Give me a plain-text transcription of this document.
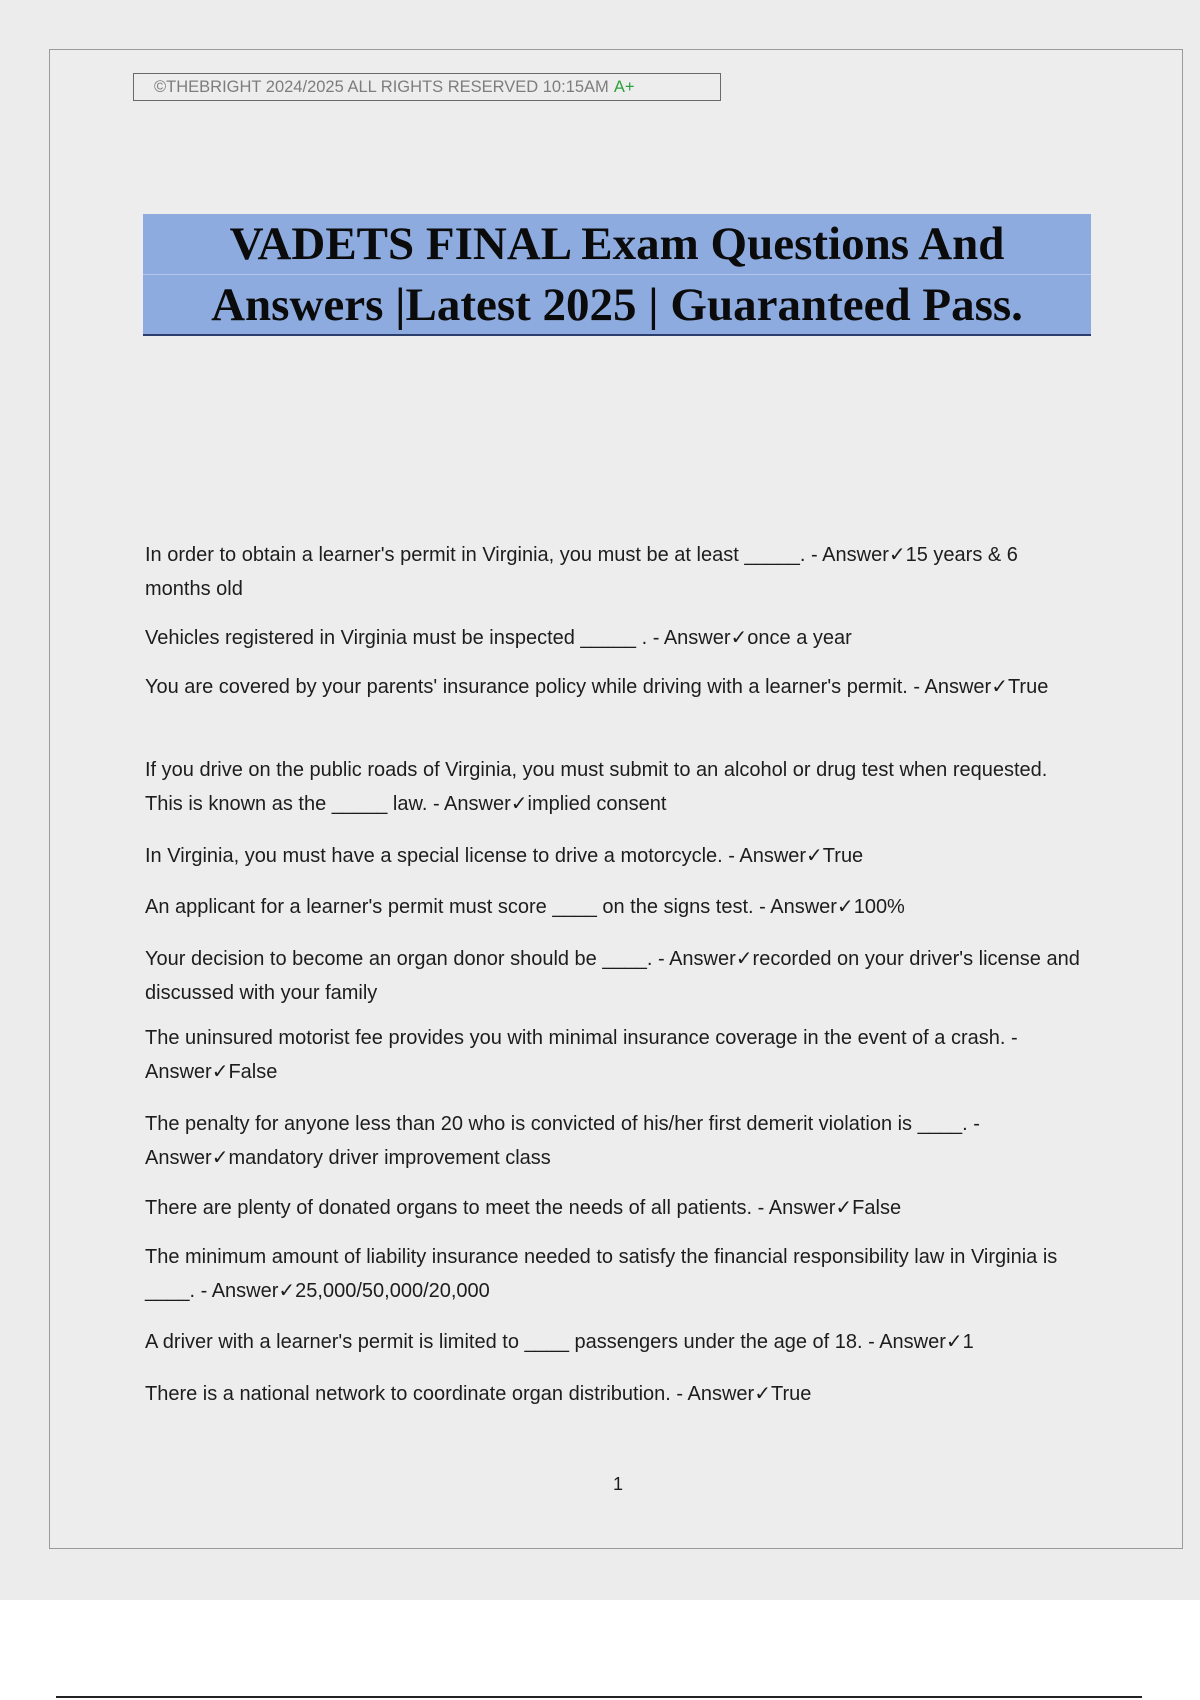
©THEBRIGHT 2024/2025 ALL RIGHTS RESERVED 10:15AM A+
VADETS FINAL Exam Questions And
Answers |Latest 2025 | Guaranteed Pass.

In order to obtain a learner's permit in Virginia, you must be at least _____. - Answer✓15 years & 6 months old

Vehicles registered in Virginia must be inspected _____ . - Answer✓once a year

You are covered by your parents' insurance policy while driving with a learner's permit. - Answer✓True

If you drive on the public roads of Virginia, you must submit to an alcohol or drug test when requested. This is known as the _____ law. - Answer✓implied consent

In Virginia, you must have a special license to drive a motorcycle. - Answer✓True

An applicant for a learner's permit must score ____ on the signs test. - Answer✓100%

Your decision to become an organ donor should be ____. - Answer✓recorded on your driver's license and discussed with your family

The uninsured motorist fee provides you with minimal insurance coverage in the event of a crash. - Answer✓False

The penalty for anyone less than 20 who is convicted of his/her first demerit violation is ____. - Answer✓mandatory driver improvement class

There are plenty of donated organs to meet the needs of all patients. - Answer✓False

The minimum amount of liability insurance needed to satisfy the financial responsibility law in Virginia is ____. - Answer✓25,000/50,000/20,000

A driver with a learner's permit is limited to ____ passengers under the age of 18. - Answer✓1

There is a national network to coordinate organ distribution. - Answer✓True

1
